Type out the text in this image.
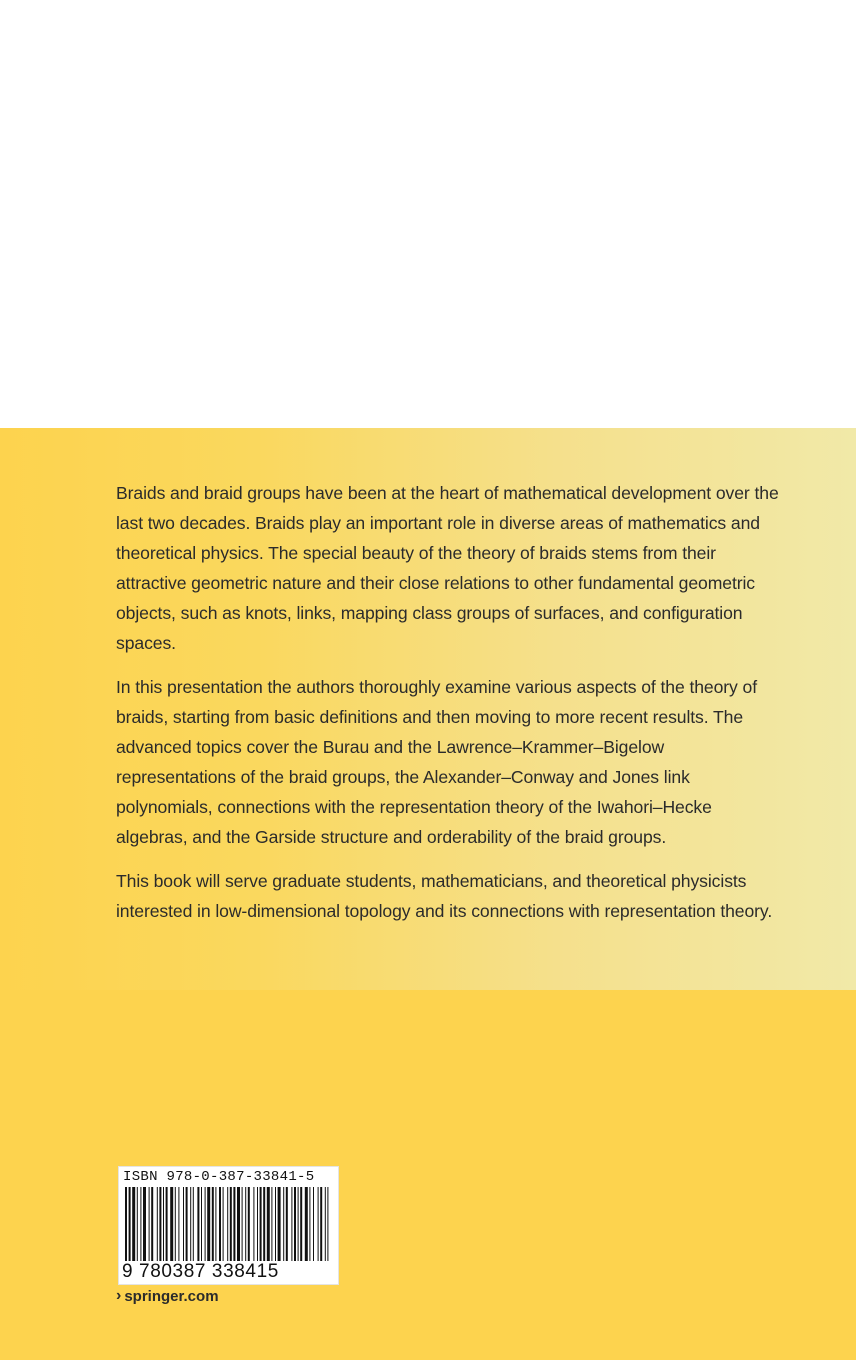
Braids and braid groups have been at the heart of mathematical development over the last two decades. Braids play an important role in diverse areas of mathematics and theoretical physics. The special beauty of the theory of braids stems from their attractive geometric nature and their close relations to other fundamental geometric objects, such as knots, links, mapping class groups of surfaces, and configuration spaces.

In this presentation the authors thoroughly examine various aspects of the theory of braids, starting from basic definitions and then moving to more recent results. The advanced topics cover the Burau and the Lawrence–Krammer–Bigelow representations of the braid groups, the Alexander–Conway and Jones link polynomials, connections with the representation theory of the Iwahori–Hecke algebras, and the Garside structure and orderability of the braid groups.

This book will serve graduate students, mathematicians, and theoretical physicists interested in low-dimensional topology and its connections with representation theory.

ISBN 978-0-387-33841-5
9 780387 338415
› springer.com
